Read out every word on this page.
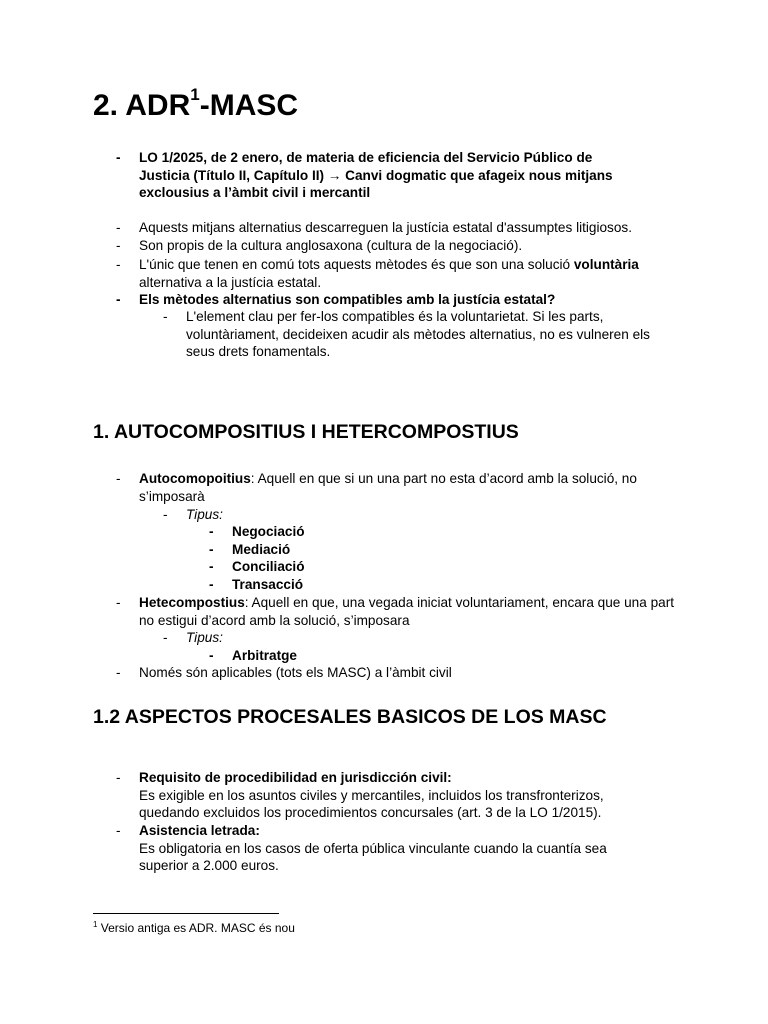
2. ADR$^1$-MASC
- LO 1/2025, de 2 enero, de materia de eficiencia del Servicio Público de Justicia (Título II, Capítulo II) → Canvi dogmatic que afageix nous mitjans exclousius a l’àmbit civil i mercantil
- Aquests mitjans alternatius descarreguen la justícia estatal d'assumptes litigiosos.
- Son propis de la cultura anglosaxona (cultura de la negociació).
- L'únic que tenen en comú tots aquests mètodes és que son una solució voluntària alternativa a la justícia estatal.
- Els mètodes alternatius son compatibles amb la justícia estatal?
- L'element clau per fer-los compatibles és la voluntarietat. Si les parts, voluntàriament, decideixen acudir als mètodes alternatius, no es vulneren els seus drets fonamentals.
1. AUTOCOMPOSITIUS I HETERCOMPOSTIUS
- Autocomopoitius: Aquell en que si un una part no esta d’acord amb la solució, no s’imposarà
- Tipus:
- Negociació
- Mediació
- Conciliació
- Transacció
- Hetecompostius: Aquell en que, una vegada iniciat voluntariament, encara que una part no estigui d’acord amb la solució, s’imposara
- Tipus:
- Arbitratge
- Només són aplicables (tots els MASC) a l’àmbit civil
1.2 ASPECTOS PROCESALES BASICOS DE LOS MASC
- Requisito de procedibilidad en jurisdicción civil:
Es exigible en los asuntos civiles y mercantiles, incluidos los transfronterizos, quedando excluidos los procedimientos concursales (art. 3 de la LO 1/2015).
- Asistencia letrada:
Es obligatoria en los casos de oferta pública vinculante cuando la cuantía sea superior a 2.000 euros.
$^1$ Versio antiga es ADR. MASC és nou
